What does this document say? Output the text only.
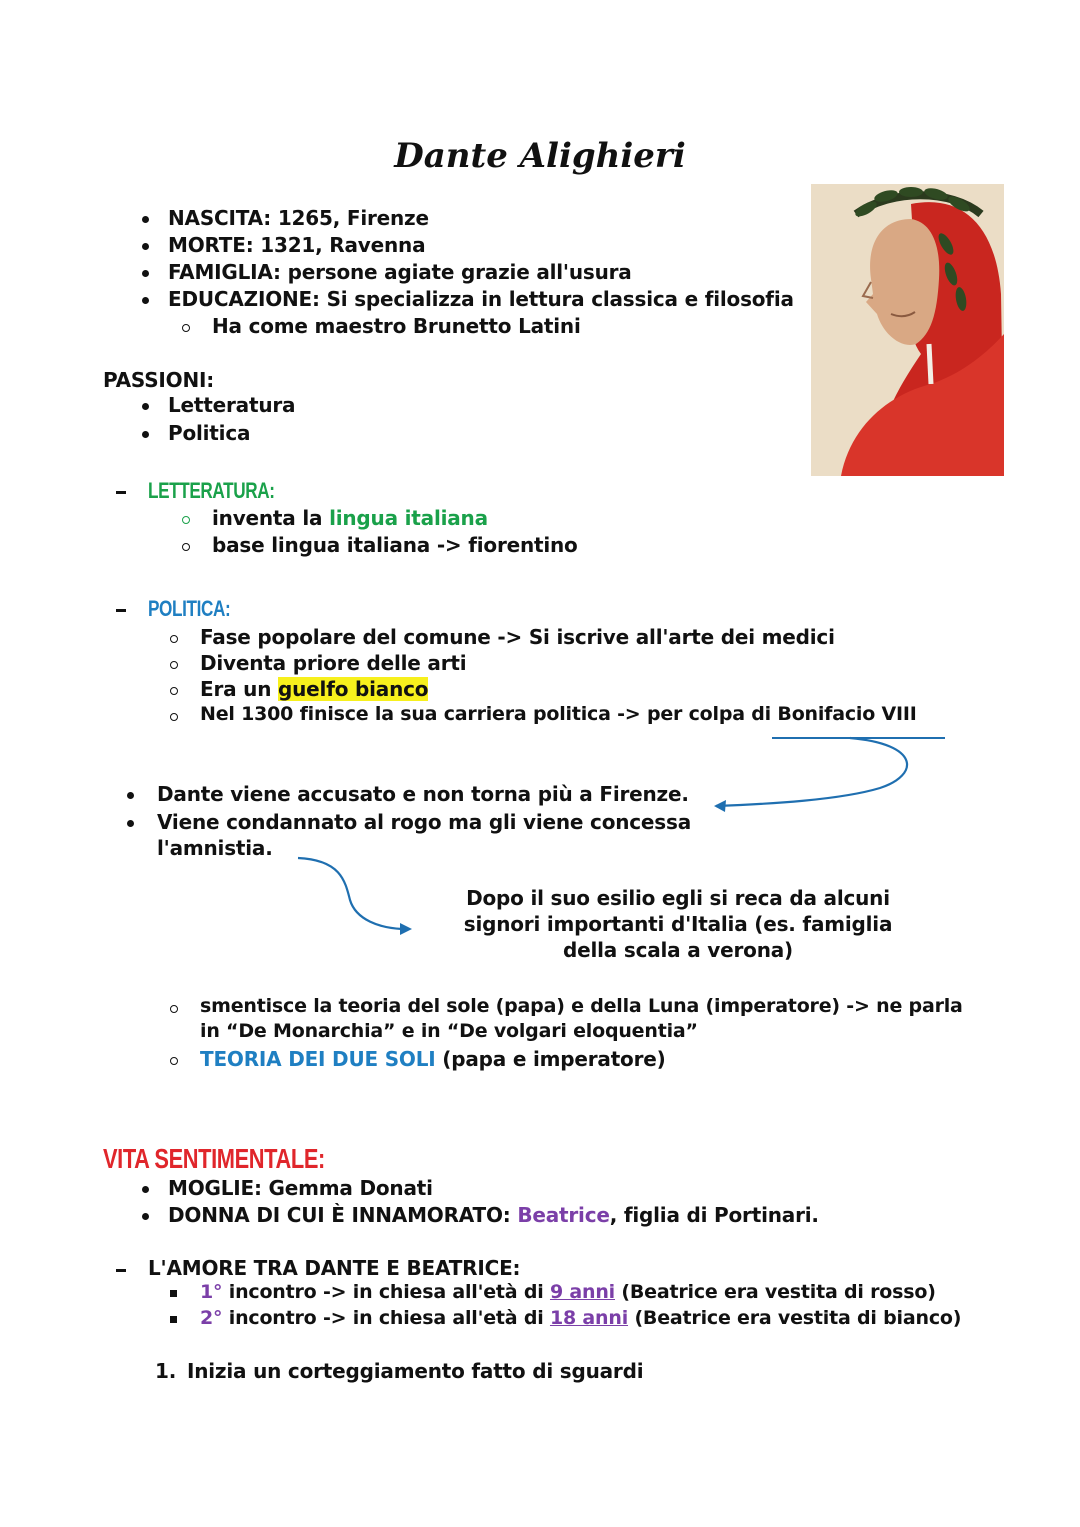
Dante Alighieri
NASCITA: 1265, Firenze
MORTE: 1321, Ravenna
FAMIGLIA: persone agiate grazie all'usura
EDUCAZIONE: Si specializza in lettura classica e filosofia
Ha come maestro Brunetto Latini
PASSIONI:
Letteratura
Politica
LETTERATURA:
inventa la lingua italiana
base lingua italiana -> fiorentino
POLITICA:
Fase popolare del comune -> Si iscrive all'arte dei medici
Diventa priore delle arti
Era un guelfo bianco
Nel 1300 finisce la sua carriera politica -> per colpa di Bonifacio VIII
Dante viene accusato e non torna più a Firenze.
Viene condannato al rogo ma gli viene concessa
l'amnistia.
Dopo il suo esilio egli si reca da alcuni
signori importanti d'Italia (es. famiglia
della scala a verona)
smentisce la teoria del sole (papa) e della Luna (imperatore) -> ne parla
in “De Monarchia” e in “De volgari eloquentia”
TEORIA DEI DUE SOLI (papa e imperatore)
VITA SENTIMENTALE:
MOGLIE: Gemma Donati
DONNA DI CUI È INNAMORATO: Beatrice, figlia di Portinari.
L'AMORE TRA DANTE E BEATRICE:
1° incontro -> in chiesa all'età di 9 anni (Beatrice era vestita di rosso)
2° incontro -> in chiesa all'età di 18 anni (Beatrice era vestita di bianco)
1. Inizia un corteggiamento fatto di sguardi
